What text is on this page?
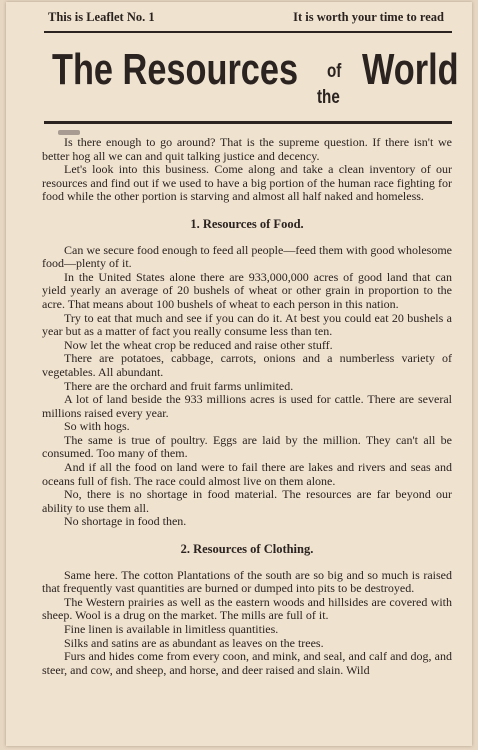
This is Leaflet No. 1	It is worth your time to read
The Resources of
the
World

Is there enough to go around? That is the supreme question. If there isn't we better hog all we can and quit talking justice and decency.

Let's look into this business. Come along and take a clean inventory of our resources and find out if we used to have a big portion of the human race fighting for food while the other portion is starving and almost all half naked and homeless.

1. Resources of Food.

Can we secure food enough to feed all people—feed them with good wholesome food—plenty of it.

In the United States alone there are 933,000,000 acres of good land that can yield yearly an average of 20 bushels of wheat or other grain in proportion to the acre. That means about 100 bushels of wheat to each person in this nation.

Try to eat that much and see if you can do it. At best you could eat 20 bushels a year but as a matter of fact you really consume less than ten.

Now let the wheat crop be reduced and raise other stuff.

There are potatoes, cabbage, carrots, onions and a numberless variety of vegetables. All abundant.

There are the orchard and fruit farms unlimited.

A lot of land beside the 933 millions acres is used for cattle. There are several millions raised every year.

So with hogs.

The same is true of poultry. Eggs are laid by the million. They can't all be consumed. Too many of them.

And if all the food on land were to fail there are lakes and rivers and seas and oceans full of fish. The race could almost live on them alone.

No, there is no shortage in food material. The resources are far beyond our ability to use them all.

No shortage in food then.

2. Resources of Clothing.

Same here. The cotton Plantations of the south are so big and so much is raised that frequently vast quantities are burned or dumped into pits to be destroyed.

The Western prairies as well as the eastern woods and hillsides are covered with sheep. Wool is a drug on the market. The mills are full of it.

Fine linen is available in limitless quantities.

Silks and satins are as abundant as leaves on the trees.

Furs and hides come from every coon, and mink, and seal, and calf and dog, and steer, and cow, and sheep, and horse, and deer raised and slain. Wild
